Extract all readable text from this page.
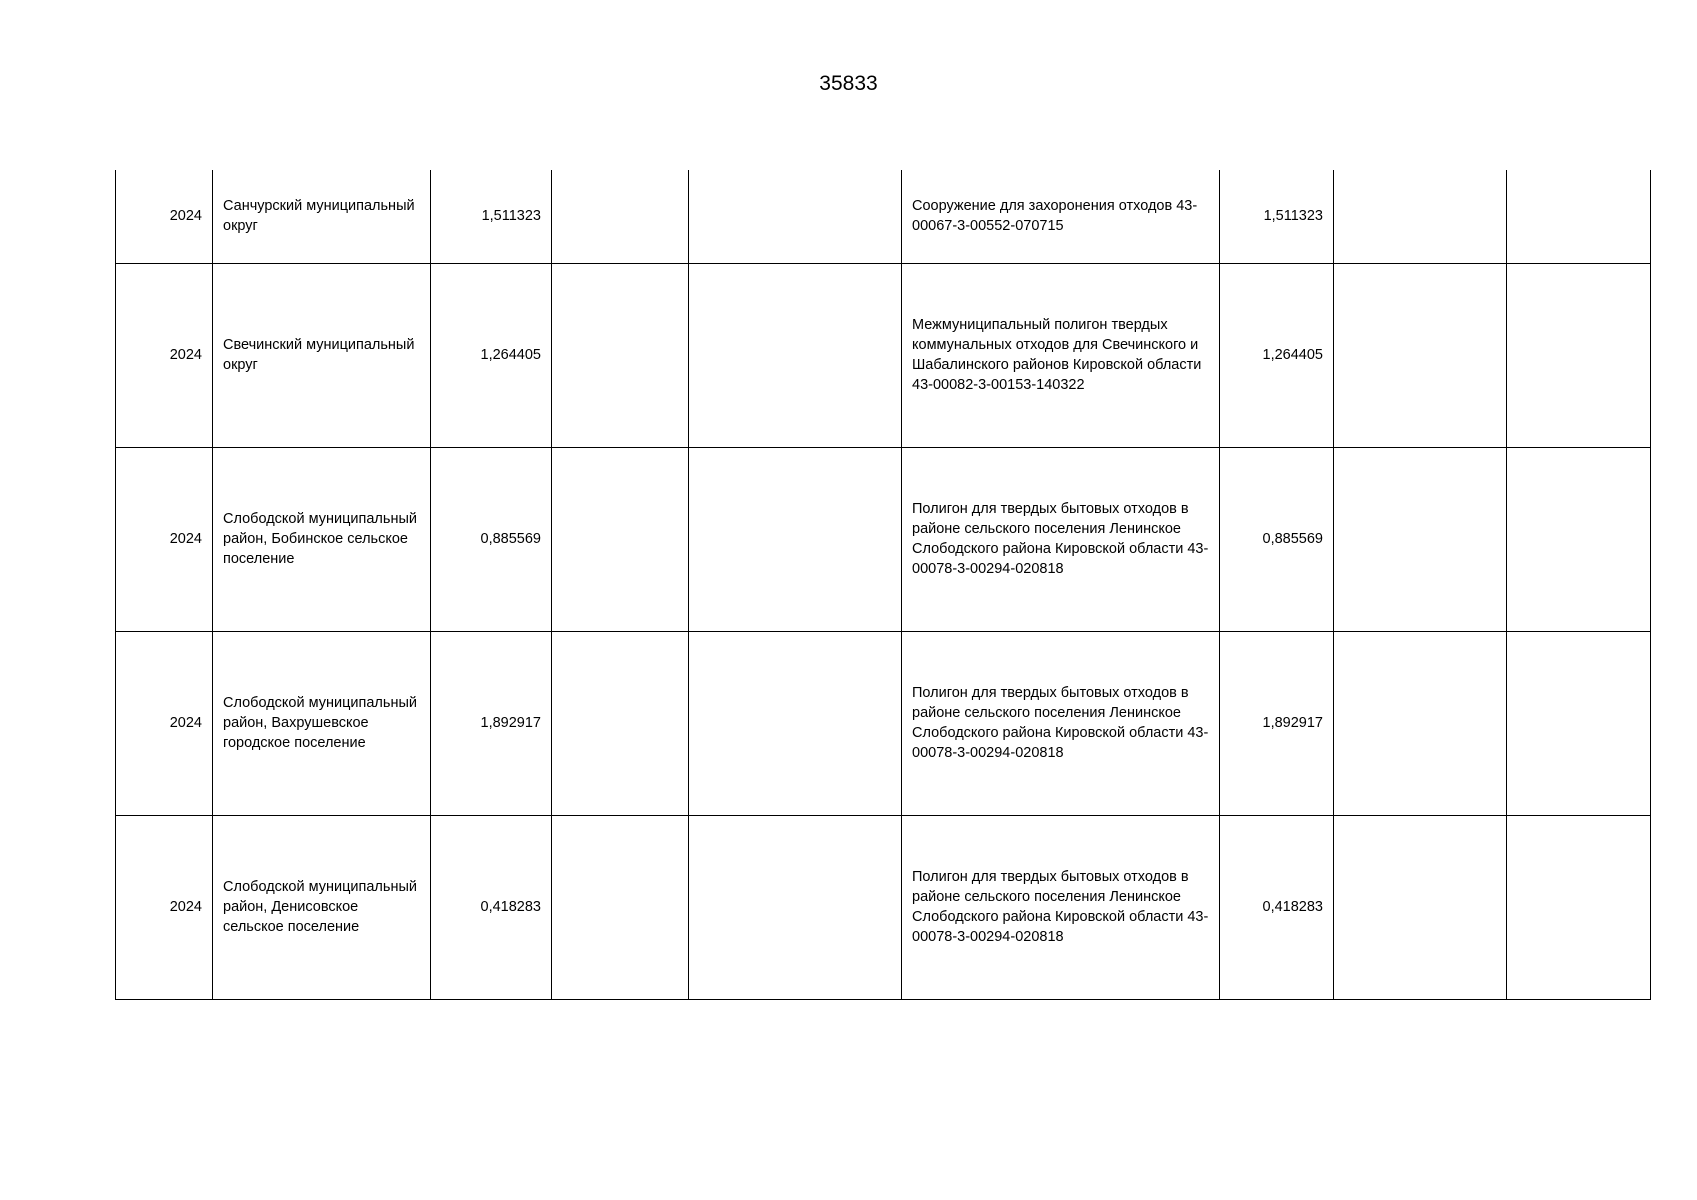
35833
2024	Санчурский муниципальный округ	1,511323			Сооружение для захоронения отходов 43-00067-3-00552-070715	1,511323		
2024	Свечинский муниципальный округ	1,264405			Межмуниципальный полигон твердых коммунальных отходов для Свечинского и Шабалинского районов Кировской области 43-00082-3-00153-140322	1,264405		
2024	Слободской муниципальный район, Бобинское сельское поселение	0,885569			Полигон для твердых бытовых отходов в районе сельского поселения Ленинское Слободского района Кировской области 43-00078-3-00294-020818	0,885569		
2024	Слободской муниципальный район, Вахрушевское городское поселение	1,892917			Полигон для твердых бытовых отходов в районе сельского поселения Ленинское Слободского района Кировской области 43-00078-3-00294-020818	1,892917		
2024	Слободской муниципальный район, Денисовское сельское поселение	0,418283			Полигон для твердых бытовых отходов в районе сельского поселения Ленинское Слободского района Кировской области 43-00078-3-00294-020818	0,418283		
